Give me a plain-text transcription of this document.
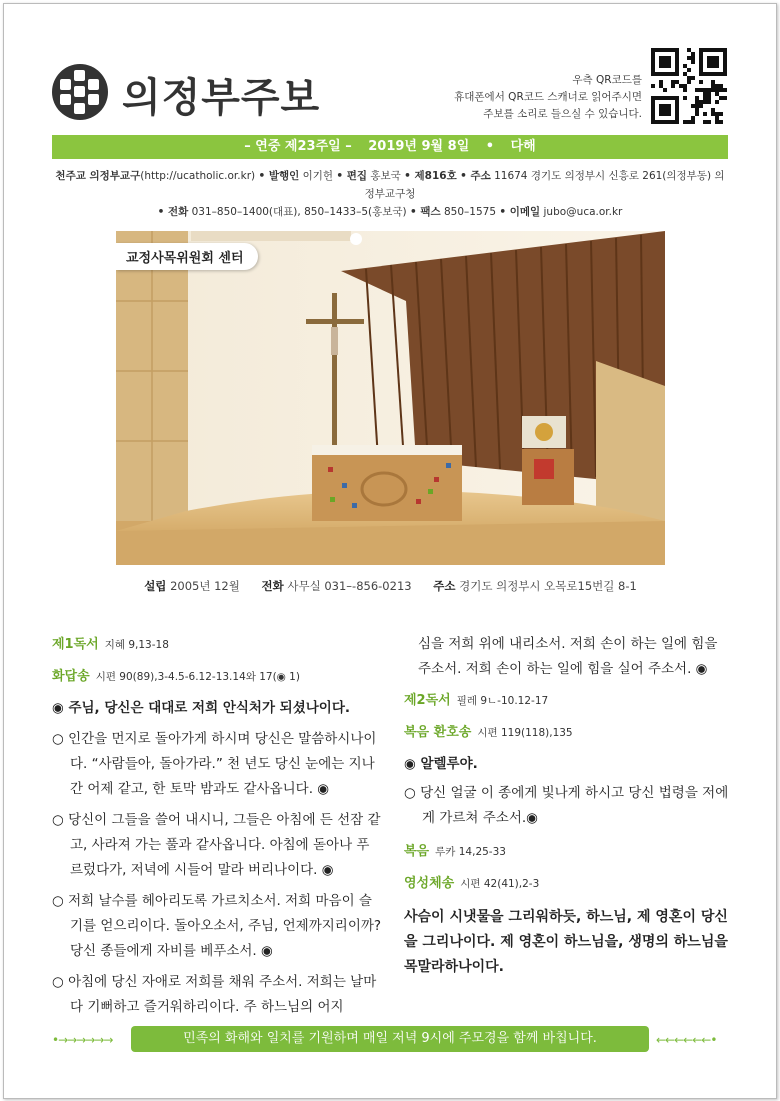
의정부주보	우측 QR코드를
휴대폰에서 QR코드 스캐너로 읽어주시면
주보를 소리로 들으실 수 있습니다.
– 연중 제23주일 – 2019년 9월 8일 • 다해
천주교 의정부교구(http://ucatholic.or.kr) • 발행인 이기헌 • 편집 홍보국 • 제816호 • 주소 11674 경기도 의정부시 신흥로 261(의정부동) 의정부교구청
• 전화 031–850–1400(대표), 850–1433–5(홍보국) • 팩스 850–1575 • 이메일 jubo@uca.or.kr
교정사목위원회 센터
설립 2005년 12월 전화 사무실 031–-856-0213 주소 경기도 의정부시 오목로15번길 8-1

제1독서 지혜 9,13-18

화답송 시편 90(89),3-4.5-6.12-13.14와 17(◉ 1)

◉ 주님, 당신은 대대로 저희 안식처가 되셨나이다.

○ 인간을 먼지로 돌아가게 하시며 당신은 말씀하시나이다. “사람들아, 돌아가라.” 천 년도 당신 눈에는 지나간 어제 같고, 한 토막 밤과도 같사옵니다. ◉

○ 당신이 그들을 쓸어 내시니, 그들은 아침에 든 선잠 같고, 사라져 가는 풀과 같사옵니다. 아침에 돋아나 푸르렀다가, 저녁에 시들어 말라 버리나이다. ◉

○ 저희 날수를 헤아리도록 가르치소서. 저희 마음이 슬기를 얻으리이다. 돌아오소서, 주님, 언제까지리이까? 당신 종들에게 자비를 베푸소서. ◉

○ 아침에 당신 자애로 저희를 채워 주소서. 저희는 날마다 기뻐하고 즐거워하리이다. 주 하느님의 어지

심을 저희 위에 내리소서. 저희 손이 하는 일에 힘을 주소서. 저희 손이 하는 일에 힘을 실어 주소서. ◉

제2독서 필레 9ㄴ-10.12-17

복음 환호송 시편 119(118),135

◉ 알렐루야.

○ 당신 얼굴 이 종에게 빛나게 하시고 당신 법령을 저에게 가르쳐 주소서.◉

복음 루카 14,25-33

영성체송 시편 42(41),2-3

사슴이 시냇물을 그리워하듯, 하느님, 제 영혼이 당신을 그리나이다. 제 영혼이 하느님을, 생명의 하느님을 목말라하나이다.

•→→→→→→	민족의 화해와 일치를 기원하며 매일 저녁 9시에 주모경을 함께 바칩니다.	←←←←←←•
